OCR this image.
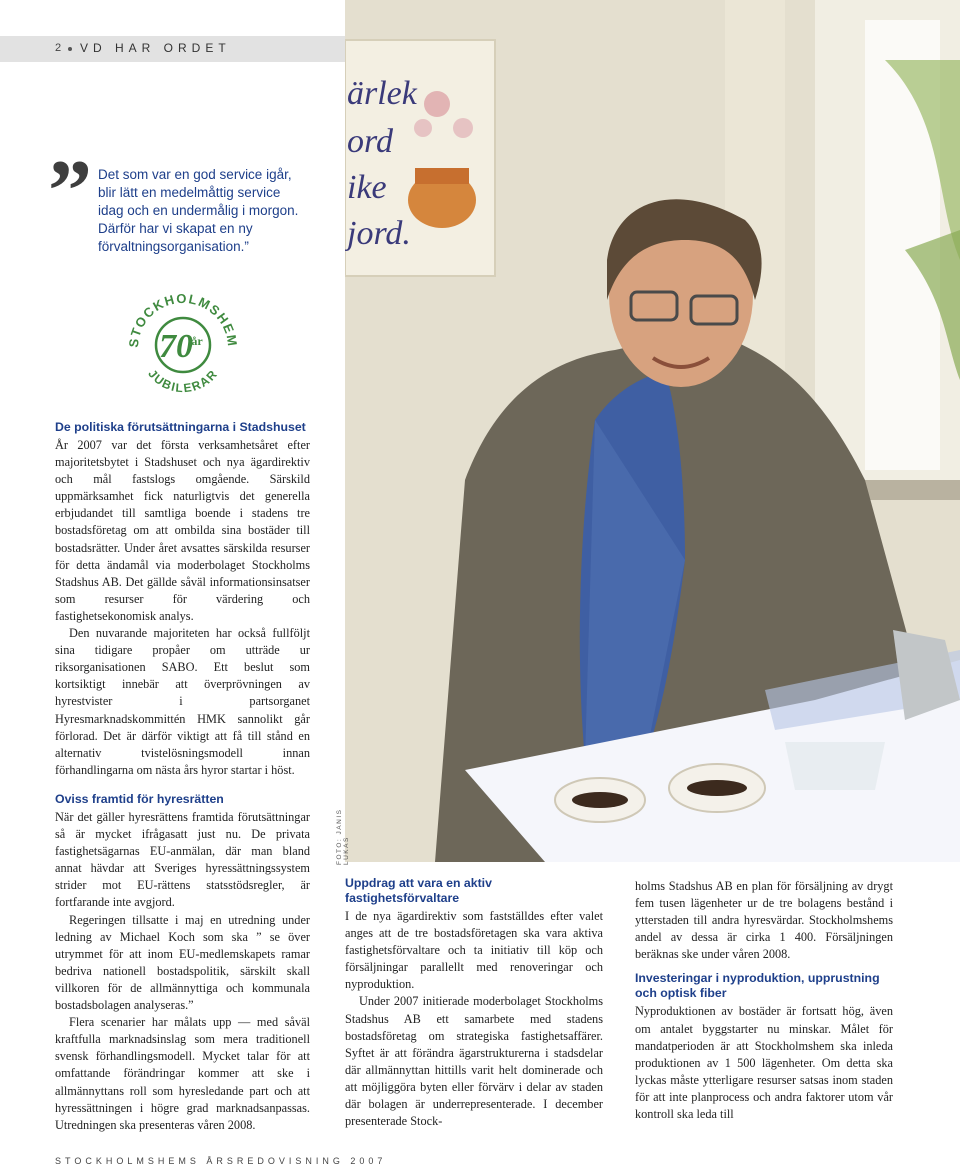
2 VD HAR ORDET
” Det som var en god service igår, blir lätt en medelmåttig service idag och en undermålig i morgon. Därför har vi skapat en ny förvaltningsorganisation.”
STOCKHOLMSHEM
JUBILERAR
70
år
ärlek
ord
ike
jord.
FOTO: JANIS LUKAS
De politiska förutsättningarna i Stadshuset

År 2007 var det första verksamhetsåret efter majoritetsbytet i Stadshuset och nya ägardirektiv och mål fastslogs omgående. Särskild uppmärksamhet fick naturligtvis det generella erbjudandet till samtliga boende i stadens tre bostadsföretag om att ombilda sina bostäder till bostadsrätter. Under året avsattes särskilda resurser för detta ändamål via moderbolaget Stockholms Stadshus AB. Det gällde såväl informationsinsatser som resurser för värdering och fastighetsekonomisk analys.

Den nuvarande majoriteten har också fullföljt sina tidigare propåer om utträde ur riksorganisationen SABO. Ett beslut som kortsiktigt innebär att överprövningen av hyrestvister i partsorganet Hyresmarknadskommittén HMK sannolikt går förlorad. Det är därför viktigt att få till stånd en alternativ tvistelösningsmodell innan förhandlingarna om nästa års hyror startar i höst.

Oviss framtid för hyresrätten

När det gäller hyresrättens framtida förutsättningar så är mycket ifrågasatt just nu. De privata fastighetsägarnas EU-anmälan, där man bland annat hävdar att Sveriges hyressättningssystem strider mot EU-rättens statsstödsregler, är fortfarande inte avgjord.

Regeringen tillsatte i maj en utredning under ledning av Michael Koch som ska ” se över utrymmet för att inom EU-medlemskapets ramar bedriva nationell bostadspolitik, särskilt skall villkoren för de allmännyttiga och kommunala bostadsbolagen analyseras.”

Flera scenarier har målats upp — med såväl kraftfulla marknadsinslag som mera traditionell svensk förhandlingsmodell. Mycket talar för att omfattande förändringar kommer att ske i allmännyttans roll som hyresledande part och att hyressättningen i högre grad marknadsanpassas. Utredningen ska presenteras våren 2008.

Uppdrag att vara en aktiv fastighetsförvaltare

I de nya ägardirektiv som fastställdes efter valet anges att de tre bostadsföretagen ska vara aktiva fastighetsförvaltare och ta initiativ till köp och försäljningar parallellt med renoveringar och nyproduktion.

Under 2007 initierade moderbolaget Stockholms Stadshus AB ett samarbete med stadens bostadsföretag om strategiska fastighetsaffärer. Syftet är att förändra ägarstrukturerna i stadsdelar där allmännyttan hittills varit helt dominerade och att möjliggöra byten eller förvärv i delar av staden där bolagen är underrepresenterade. I december presenterade Stock-

holms Stadshus AB en plan för försäljning av drygt fem tusen lägenheter ur de tre bolagens bestånd i ytterstaden till andra hyresvärdar. Stockholmshems andel av dessa är cirka 1 400. Försäljningen beräknas ske under våren 2008.

Investeringar i nyproduktion, upprustning och optisk fiber

Nyproduktionen av bostäder är fortsatt hög, även om antalet byggstarter nu minskar. Målet för mandatperioden är att Stockholmshem ska inleda produktionen av 1 500 lägenheter. Om detta ska lyckas måste ytterligare resurser satsas inom staden för att inte planprocess och andra faktorer utom vår kontroll ska leda till

STOCKHOLMSHEMS ÅRSREDOVISNING 2007
